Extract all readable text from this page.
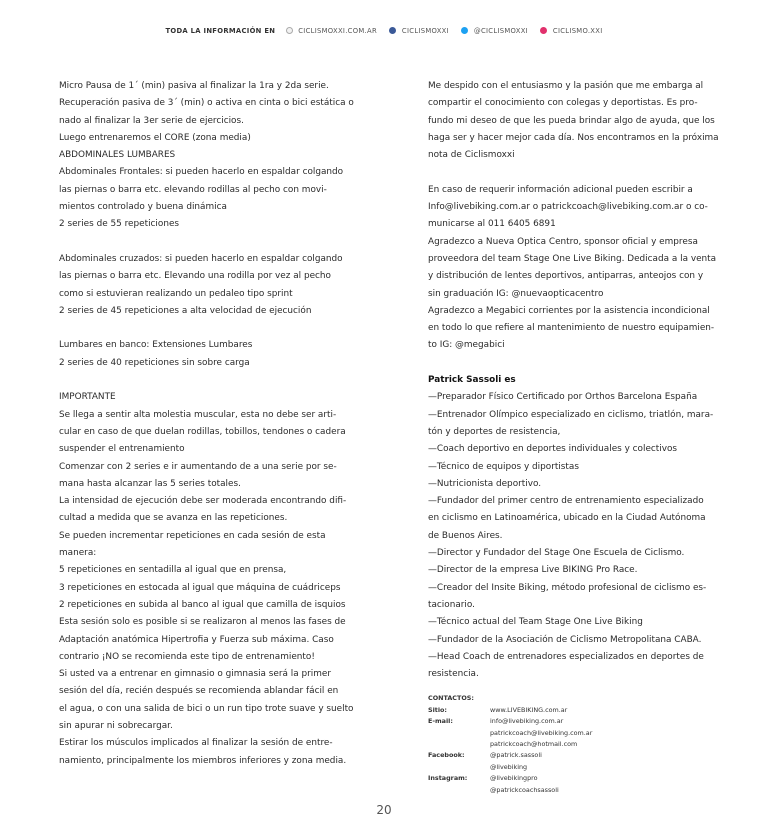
TODA LA INFORMACIÓN EN	CICLISMOXXI.COM.AR	CICLISMOXXI	@CICLISMOXXI	CICLISMO.XXI

Micro Pausa de 1´ (min) pasiva al finalizar la 1ra y 2da serie.

Recuperación pasiva de 3´ (min) o activa en cinta o bici estática o

nado al finalizar la 3er serie de ejercicios.

Luego entrenaremos el CORE (zona media)

ABDOMINALES LUMBARES

Abdominales Frontales: si pueden hacerlo en espaldar colgando

las piernas o barra etc. elevando rodillas al pecho con movi-

mientos controlado y buena dinámica

2 series de 55 repeticiones

Abdominales cruzados: si pueden hacerlo en espaldar colgando

las piernas o barra etc. Elevando una rodilla por vez al pecho

como si estuvieran realizando un pedaleo tipo sprint

2 series de 45 repeticiones a alta velocidad de ejecución

Lumbares en banco: Extensiones Lumbares

2 series de 40 repeticiones sin sobre carga

IMPORTANTE

Se llega a sentir alta molestia muscular, esta no debe ser arti-

cular en caso de que duelan rodillas, tobillos, tendones o cadera

suspender el entrenamiento

Comenzar con 2 series e ir aumentando de a una serie por se-

mana hasta alcanzar las 5 series totales.

La intensidad de ejecución debe ser moderada encontrando difi-

cultad a medida que se avanza en las repeticiones.

Se pueden incrementar repeticiones en cada sesión de esta

manera:

5 repeticiones en sentadilla al igual que en prensa,

3 repeticiones en estocada al igual que máquina de cuádriceps

2 repeticiones en subida al banco al igual que camilla de isquios

Esta sesión solo es posible si se realizaron al menos las fases de

Adaptación anatómica Hipertrofia y Fuerza sub máxima. Caso

contrario ¡NO se recomienda este tipo de entrenamiento!

Si usted va a entrenar en gimnasio o gimnasia será la primer

sesión del día, recién después se recomienda ablandar fácil en

el agua, o con una salida de bici o un run tipo trote suave y suelto

sin apurar ni sobrecargar.

Estirar los músculos implicados al finalizar la sesión de entre-

namiento, principalmente los miembros inferiores y zona media.

Me despido con el entusiasmo y la pasión que me embarga al

compartir el conocimiento con colegas y deportistas. Es pro-

fundo mi deseo de que les pueda brindar algo de ayuda, que los

haga ser y hacer mejor cada día. Nos encontramos en la próxima

nota de Ciclismoxxi

En caso de requerir información adicional pueden escribir a

Info@livebiking.com.ar o patrickcoach@livebiking.com.ar o co-

municarse al 011 6405 6891

Agradezco a Nueva Optica Centro, sponsor oficial y empresa

proveedora del team Stage One Live Biking. Dedicada a la venta

y distribución de lentes deportivos, antiparras, anteojos con y

sin graduación IG: @nuevaopticacentro

Agradezco a Megabici corrientes por la asistencia incondicional

en todo lo que refiere al mantenimiento de nuestro equipamien-

to IG: @megabici

Patrick Sassoli es

—Preparador Físico Certificado por Orthos Barcelona España

—Entrenador Olímpico especializado en ciclismo, triatlón, mara-

tón y deportes de resistencia,

—Coach deportivo en deportes individuales y colectivos

—Técnico de equipos y diportistas

—Nutricionista deportivo.

—Fundador del primer centro de entrenamiento especializado

en ciclismo en Latinoamérica, ubicado en la Ciudad Autónoma

de Buenos Aires.

—Director y Fundador del Stage One Escuela de Ciclismo.

—Director de la empresa Live BIKING Pro Race.

—Creador del Insite Biking, método profesional de ciclismo es-

tacionario.

—Técnico actual del Team Stage One Live Biking

—Fundador de la Asociación de Ciclismo Metropolitana CABA.

—Head Coach de entrenadores especializados en deportes de

resistencia.

CONTACTOS:
Sitio:	www.LIVEBIKING.com.ar
E-mail:	info@livebiking.com.ar
patrickcoach@livebiking.com.ar
patrickcoach@hotmail.com
Facebook:	@patrick.sassoli
@livebiking
Instagram:	@livebikingpro
@patrickcoachsassoli
20
